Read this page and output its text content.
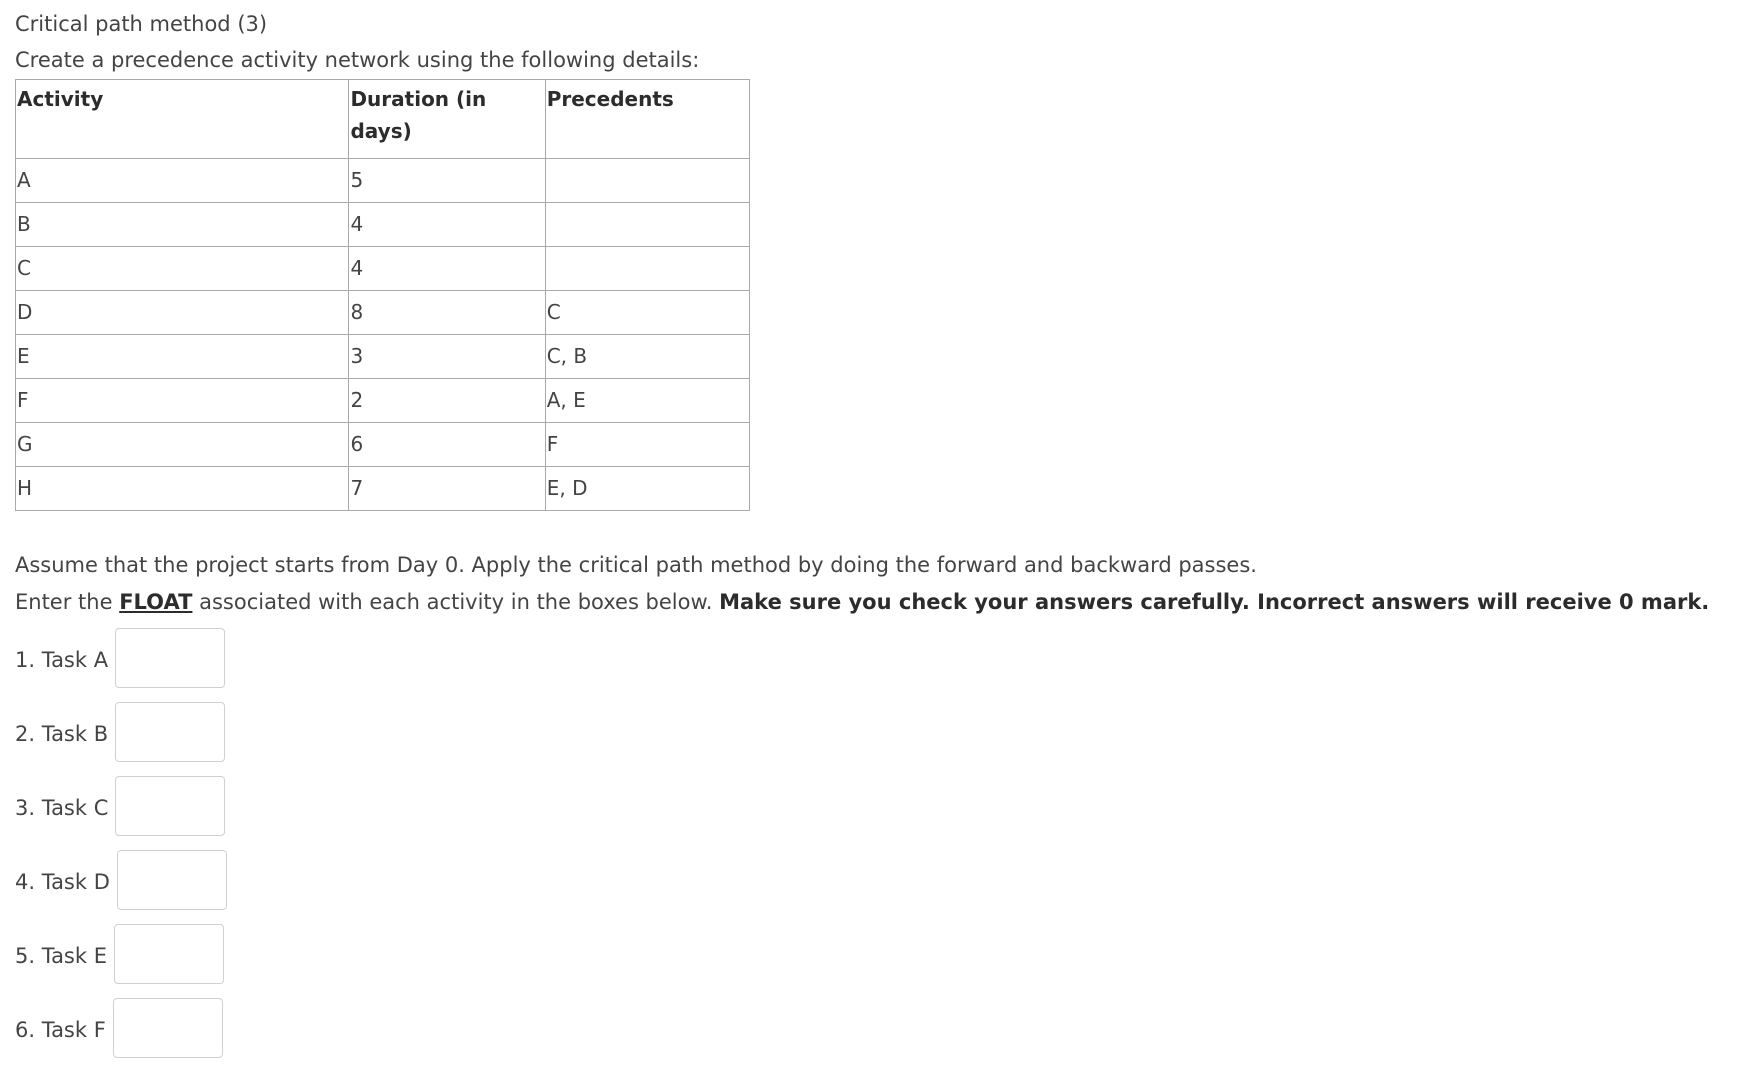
Critical path method (3)

Create a precedence activity network using the following details:

Activity	Duration (in days)	Precedents
A	5	
B	4	
C	4	
D	8	C
E	3	C, B
F	2	A, E
G	6	F
H	7	E, D

Assume that the project starts from Day 0. Apply the critical path method by doing the forward and backward passes.

Enter the FLOAT associated with each activity in the boxes below. Make sure you check your answers carefully. Incorrect answers will receive 0 mark.

1. Task A
2. Task B
3. Task C
4. Task D
5. Task E
6. Task F
